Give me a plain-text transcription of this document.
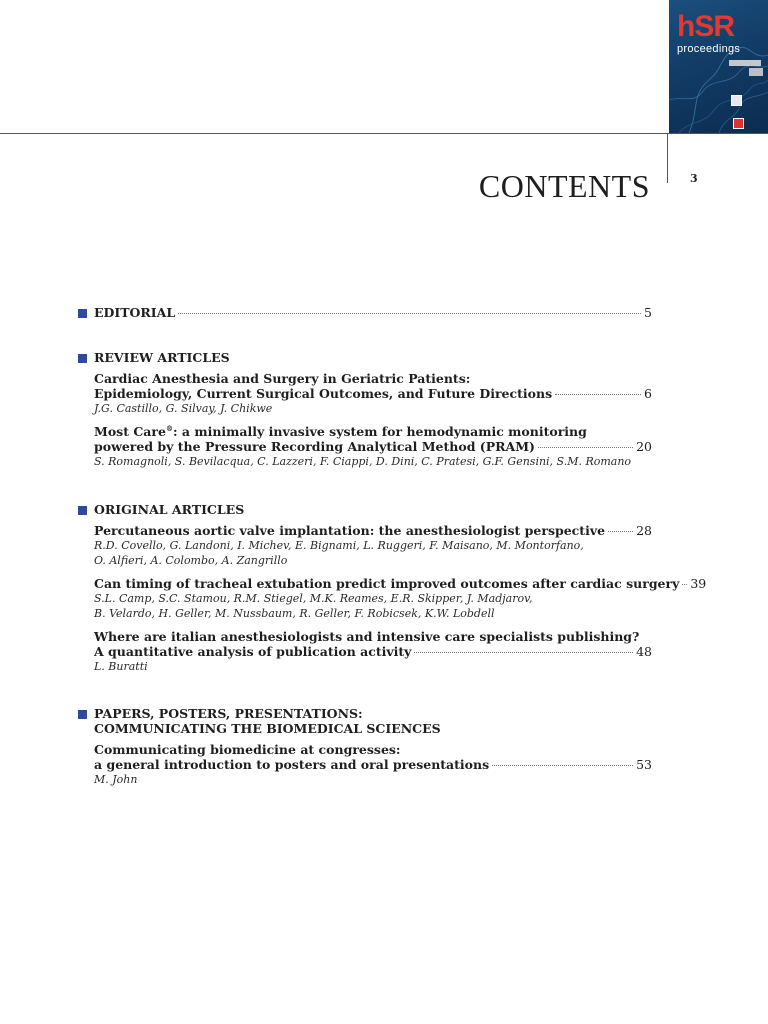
hSR
proceedings
CONTENTS	3
EDITORIAL	5
REVIEW ARTICLES
Cardiac Anesthesia and Surgery in Geriatric Patients:
Epidemiology, Current Surgical Outcomes, and Future Directions	6
J.G. Castillo, G. Silvay, J. Chikwe
Most Care®: a minimally invasive system for hemodynamic monitoring
powered by the Pressure Recording Analytical Method (PRAM)	20
S. Romagnoli, S. Bevilacqua, C. Lazzeri, F. Ciappi, D. Dini, C. Pratesi, G.F. Gensini, S.M. Romano
ORIGINAL ARTICLES
Percutaneous aortic valve implantation: the anesthesiologist perspective 28
R.D. Covello, G. Landoni, I. Michev, E. Bignami, L. Ruggeri, F. Maisano, M. Montorfano,
O. Alfieri, A. Colombo, A. Zangrillo
Can timing of tracheal extubation predict improved outcomes after cardiac surgery 39
S.L. Camp, S.C. Stamou, R.M. Stiegel, M.K. Reames, E.R. Skipper, J. Madjarov,
B. Velardo, H. Geller, M. Nussbaum, R. Geller, F. Robicsek, K.W. Lobdell
Where are italian anesthesiologists and intensive care specialists publishing?
A quantitative analysis of publication activity	48
L. Buratti
PAPERS, POSTERS, PRESENTATIONS:
COMMUNICATING THE BIOMEDICAL SCIENCES
Communicating biomedicine at congresses:
a general introduction to posters and oral presentations	53
M. John
